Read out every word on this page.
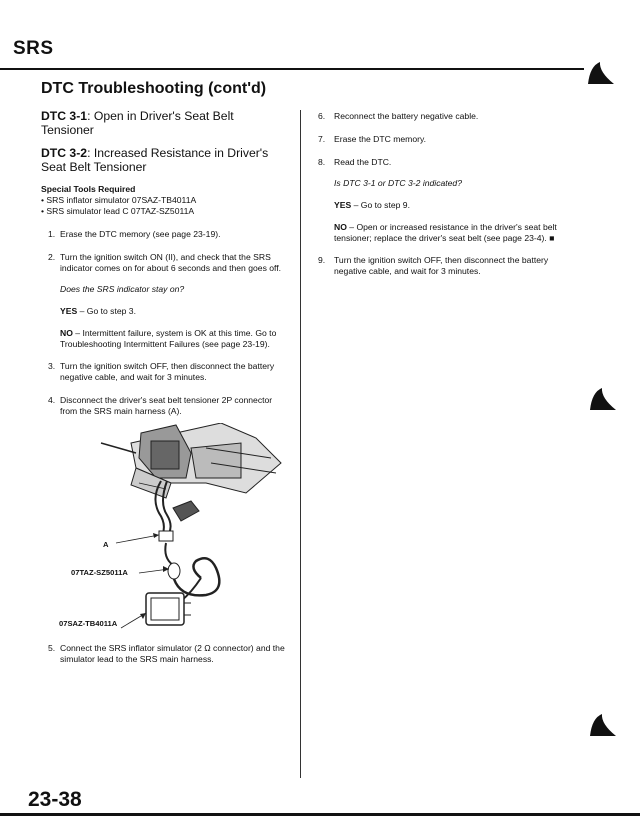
SRS
DTC Troubleshooting (cont'd)
DTC 3-1: Open in Driver's Seat Belt Tensioner
DTC 3-2: Increased Resistance in Driver's Seat Belt Tensioner
Special Tools Required
• SRS inflator simulator 07SAZ-TB4011A
• SRS simulator lead C 07TAZ-SZ5011A
1. Erase the DTC memory (see page 23-19).
2. Turn the ignition switch ON (II), and check that the SRS indicator comes on for about 6 seconds and then goes off.
Does the SRS indicator stay on?
YES – Go to step 3.
NO – Intermittent failure, system is OK at this time. Go to Troubleshooting Intermittent Failures (see page 23-19).
3. Turn the ignition switch OFF, then disconnect the battery negative cable, and wait for 3 minutes.
4. Disconnect the driver's seat belt tensioner 2P connector from the SRS main harness (A).
A
07TAZ-SZ5011A
07SAZ-TB4011A
5. Connect the SRS inflator simulator (2 Ω connector) and the simulator lead to the SRS main harness.
6. Reconnect the battery negative cable.
7. Erase the DTC memory.
8. Read the DTC.
Is DTC 3-1 or DTC 3-2 indicated?
YES – Go to step 9.
NO – Open or increased resistance in the driver's seat belt tensioner; replace the driver's seat belt (see page 23-4). ■
9. Turn the ignition switch OFF, then disconnect the battery negative cable, and wait for 3 minutes.
23-38
